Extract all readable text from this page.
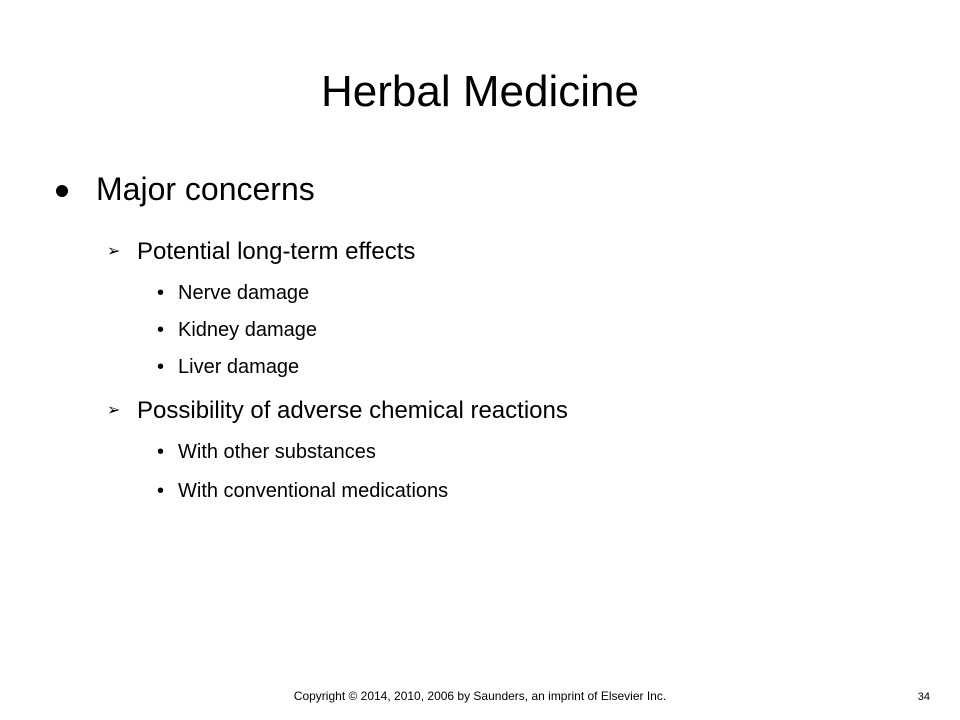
Herbal Medicine
Major concerns
➢ Potential long-term effects
• Nerve damage
• Kidney damage
• Liver damage
➢ Possibility of adverse chemical reactions
• With other substances
• With conventional medications
Copyright © 2014, 2010, 2006 by Saunders, an imprint of Elsevier Inc.	34
